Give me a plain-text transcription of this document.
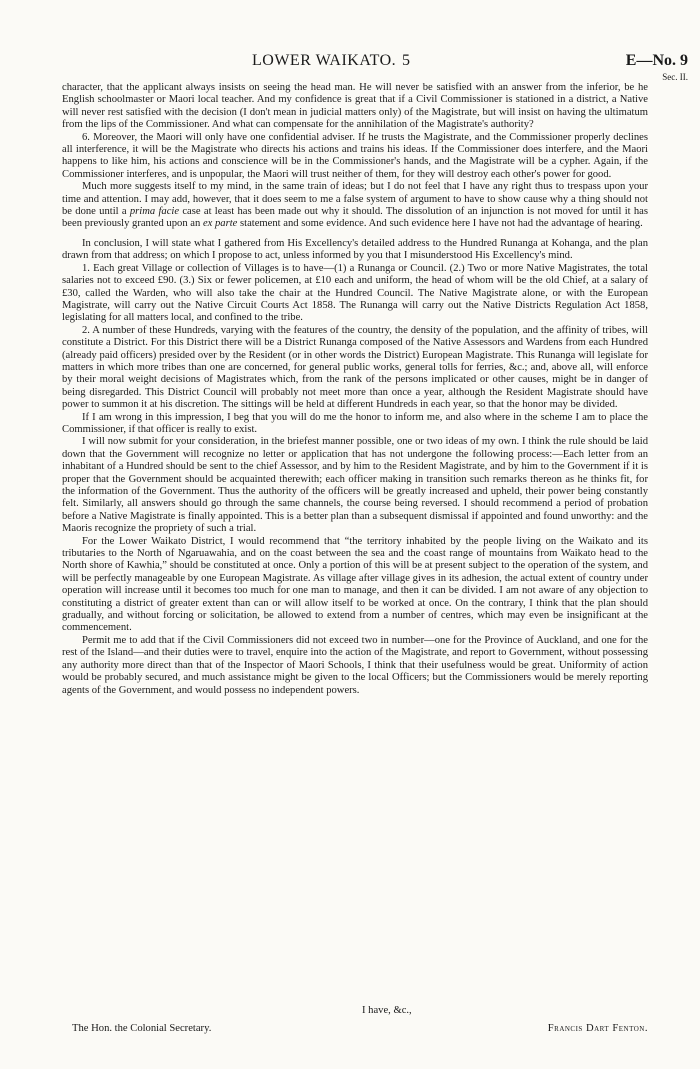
LOWER WAIKATO. 5	E—No. 9
Sec. II.

character, that the applicant always insists on seeing the head man. He will never be satisfied with an answer from the inferior, be he English schoolmaster or Maori local teacher. And my confidence is great that if a Civil Commissioner is stationed in a district, a Native will never rest satisfied with the decision (I don't mean in judicial matters only) of the Magistrate, but will insist on having the ultimatum from the lips of the Commissioner. And what can compensate for the annihilation of the Magistrate's authority?

6. Moreover, the Maori will only have one confidential adviser. If he trusts the Magistrate, and the Commissioner properly declines all interference, it will be the Magistrate who directs his actions and trains his ideas. If the Commissioner does interfere, and the Maori happens to like him, his actions and conscience will be in the Commissioner's hands, and the Magistrate will be a cypher. Again, if the Commissioner interferes, and is unpopular, the Maori will trust neither of them, for they will destroy each other's power for good.

Much more suggests itself to my mind, in the same train of ideas; but I do not feel that I have any right thus to trespass upon your time and attention. I may add, however, that it does seem to me a false system of argument to have to show cause why a thing should not be done until a prima facie case at least has been made out why it should. The dissolution of an injunction is not moved for until it has been previously granted upon an ex parte statement and some evidence. And such evidence here I have not had the advantage of hearing.

In conclusion, I will state what I gathered from His Excellency's detailed address to the Hundred Runanga at Kohanga, and the plan drawn from that address; on which I propose to act, unless informed by you that I misunderstood His Excellency's mind.

1. Each great Village or collection of Villages is to have—(1) a Runanga or Council. (2.) Two or more Native Magistrates, the total salaries not to exceed £90. (3.) Six or fewer policemen, at £10 each and uniform, the head of whom will be the old Chief, at a salary of £30, called the Warden, who will also take the chair at the Hundred Council. The Native Magistrate alone, or with the European Magistrate, will carry out the Native Circuit Courts Act 1858. The Runanga will carry out the Native Districts Regulation Act 1858, legislating for all matters local, and confined to the tribe.

2. A number of these Hundreds, varying with the features of the country, the density of the population, and the affinity of tribes, will constitute a District. For this District there will be a District Runanga composed of the Native Assessors and Wardens from each Hundred (already paid officers) presided over by the Resident (or in other words the District) European Magistrate. This Runanga will legislate for matters in which more tribes than one are concerned, for general public works, general tolls for ferries, &c.; and, above all, will enforce by their moral weight decisions of Magistrates which, from the rank of the persons implicated or other causes, might be in danger of being disregarded. This District Council will probably not meet more than once a year, although the Resident Magistrate should have power to summon it at his discretion. The sittings will be held at different Hundreds in each year, so that the honor may be divided.

If I am wrong in this impression, I beg that you will do me the honor to inform me, and also where in the scheme I am to place the Commissioner, if that officer is really to exist.

I will now submit for your consideration, in the briefest manner possible, one or two ideas of my own. I think the rule should be laid down that the Government will recognize no letter or application that has not undergone the following process:—Each letter from an inhabitant of a Hundred should be sent to the chief Assessor, and by him to the Resident Magistrate, and by him to the Government if it is proper that the Government should be acquainted therewith; each officer making in transition such remarks thereon as he thinks fit, for the information of the Government. Thus the authority of the officers will be greatly increased and upheld, their power being constantly felt. Similarly, all answers should go through the same channels, the course being reversed. I should recommend a period of probation before a Native Magistrate is finally appointed. This is a better plan than a subsequent dismissal if appointed and found unworthy: and the Maoris recognize the propriety of such a trial.

For the Lower Waikato District, I would recommend that “the territory inhabited by the people living on the Waikato and its tributaries to the North of Ngaruawahia, and on the coast between the sea and the coast range of mountains from Waikato head to the North shore of Kawhia,” should be constituted at once. Only a portion of this will be at present subject to the operation of the system, and will be perfectly manageable by one European Magistrate. As village after village gives in its adhesion, the actual extent of country under operation will increase until it becomes too much for one man to manage, and then it can be divided. I am not aware of any objection to constituting a district of greater extent than can or will allow itself to be worked at once. On the contrary, I think that the plan should gradually, and without forcing or solicitation, be allowed to extend from a number of centres, which may even be insignificant at the commencement.

Permit me to add that if the Civil Commissioners did not exceed two in number—one for the Province of Auckland, and one for the rest of the Island—and their duties were to travel, enquire into the action of the Magistrate, and report to Government, without possessing any authority more direct than that of the Inspector of Maori Schools, I think that their usefulness would be great. Uniformity of action would be probably secured, and much assistance might be given to the local Officers; but the Commissioners would be merely reporting agents of the Government, and would possess no independent powers.

I have, &c.,
The Hon. the Colonial Secretary.	Francis Dart Fenton.
